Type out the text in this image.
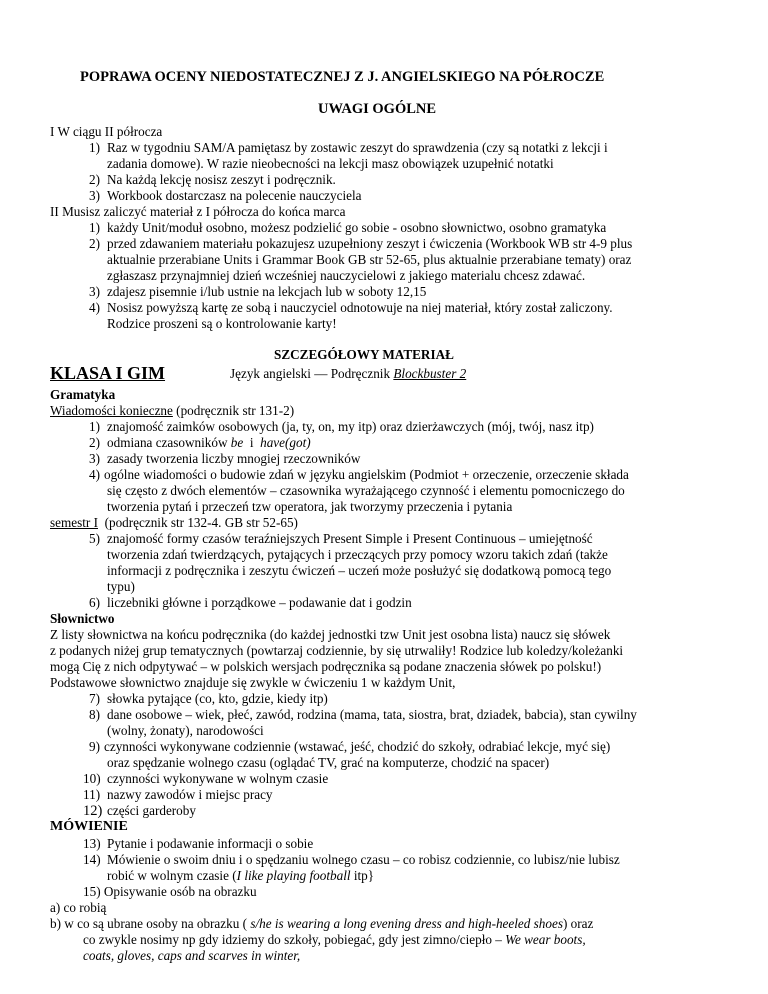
POPRAWA OCENY NIEDOSTATECZNEJ Z J. ANGIELSKIEGO NA PÓŁROCZE
UWAGI OGÓLNE
I W ciągu II półrocza
1) Raz w tygodniu SAM/A pamiętasz by zostawic zeszyt do sprawdzenia (czy są notatki z lekcji i
zadania domowe). W razie nieobecności na lekcji masz obowiązek uzupełnić notatki
2) Na każdą lekcję nosisz zeszyt i podręcznik.
3) Workbook dostarczasz na polecenie nauczyciela
II Musisz zaliczyć materiał z I półrocza do końca marca
1) każdy Unit/moduł osobno, możesz podzielić go sobie - osobno słownictwo, osobno gramatyka
2) przed zdawaniem materiału pokazujesz uzupełniony zeszyt i ćwiczenia (Workbook WB str 4-9 plus
aktualnie przerabiane Units i Grammar Book GB str 52-65, plus aktualnie przerabiane tematy) oraz
zgłaszasz przynajmniej dzień wcześniej nauczycielowi z jakiego materialu chcesz zdawać.
3) zdajesz pisemnie i/lub ustnie na lekcjach lub w soboty 12,15
4) Nosisz powyższą kartę ze sobą i nauczyciel odnotowuje na niej materiał, który został zaliczony.
Rodzice proszeni są o kontrolowanie karty!
SZCZEGÓŁOWY MATERIAŁ
KLASA I GIM	Język angielski — Podręcznik Blockbuster 2
Gramatyka
Wiadomości konieczne (podręcznik str 131-2)
1) znajomość zaimków osobowych (ja, ty, on, my itp) oraz dzierżawczych (mój, twój, nasz itp)
2) odmiana czasowników be  i  have(got)
3) zasady tworzenia liczby mnogiej rzeczowników
4) ogólne wiadomości o budowie zdań w języku angielskim (Podmiot + orzeczenie, orzeczenie składa
się często z dwóch elementów – czasownika wyrażającego czynność i elementu pomocniczego do
tworzenia pytań i przeczeń tzw operatora, jak tworzymy przeczenia i pytania
semestr I  (podręcznik str 132-4. GB str 52-65)
5) znajomość formy czasów teraźniejszych Present Simple i Present Continuous – umiejętność
tworzenia zdań twierdzących, pytających i przeczących przy pomocy wzoru takich zdań (także
informacji z podręcznika i zeszytu ćwiczeń – uczeń może posłużyć się dodatkową pomocą tego
typu)
6) liczebniki główne i porządkowe – podawanie dat i godzin
Słownictwo
Z listy słownictwa na końcu podręcznika (do każdej jednostki tzw Unit jest osobna lista) naucz się słówek
z podanych niżej grup tematycznych (powtarzaj codziennie, by się utrwaliły! Rodzice lub koledzy/koleżanki
mogą Cię z nich odpytywać – w polskich wersjach podręcznika są podane znaczenia słówek po polsku!)
Podstawowe słownictwo znajduje się zwykle w ćwiczeniu 1 w każdym Unit,
7) słowka pytające (co, kto, gdzie, kiedy itp)
8) dane osobowe – wiek, płeć, zawód, rodzina (mama, tata, siostra, brat, dziadek, babcia), stan cywilny
(wolny, żonaty), narodowości
9) czynności wykonywane codziennie (wstawać, jeść, chodzić do szkoły, odrabiać lekcje, myć się)
oraz spędzanie wolnego czasu (oglądać TV, grać na komputerze, chodzić na spacer)
10) czynności wykonywane w wolnym czasie
11) nazwy zawodów i miejsc pracy
12) części garderoby
MÓWIENIE
13) Pytanie i podawanie informacji o sobie
14) Mówienie o swoim dniu i o spędzaniu wolnego czasu – co robisz codziennie, co lubisz/nie lubisz
robić w wolnym czasie (I like playing football itp}
15) Opisywanie osób na obrazku
a) co robią
b) w co są ubrane osoby na obrazku ( s/he is wearing a long evening dress and high-heeled shoes) oraz
co zwykle nosimy np gdy idziemy do szkoły, pobiegać, gdy jest zimno/ciepło – We wear boots,
coats, gloves, caps and scarves in winter,
